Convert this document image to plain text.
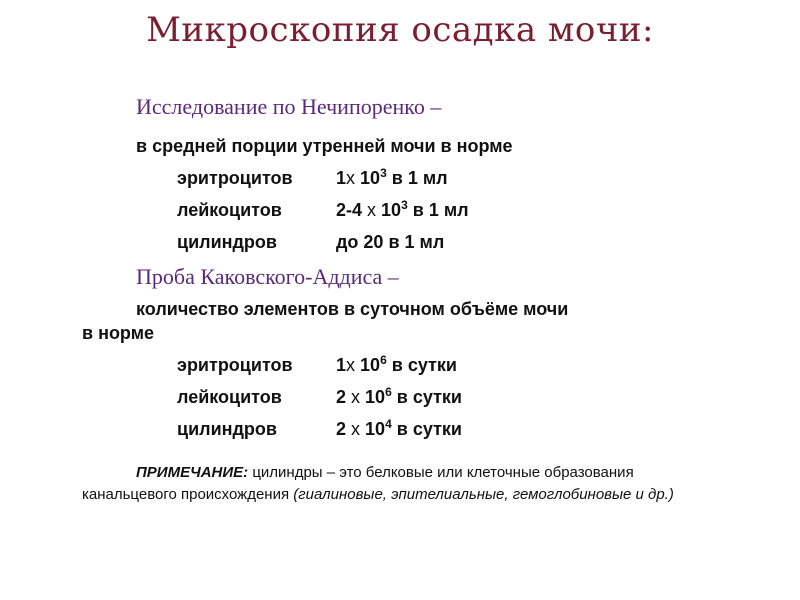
Микроскопия осадка мочи:
Исследование по Нечипоренко –
в средней порции утренней мочи в норме
эритроцитов 1х $10^3$ в 1 мл
лейкоцитов	2-4 х $10^3$ в 1 мл
цилиндров	до 20 в 1 мл
Проба Каковского-Аддиса –
количество элементов в суточном объёме мочи
в норме
эритроцитов 1х $10^6$ в сутки
лейкоцитов	2 х $10^6$ в сутки
цилиндров	2 х $10^4$ в сутки
ПРИМЕЧАНИЕ: цилиндры – это белковые или клеточные образования канальцевого происхождения (гиалиновые, эпителиальные, гемоглобиновые и др.)
